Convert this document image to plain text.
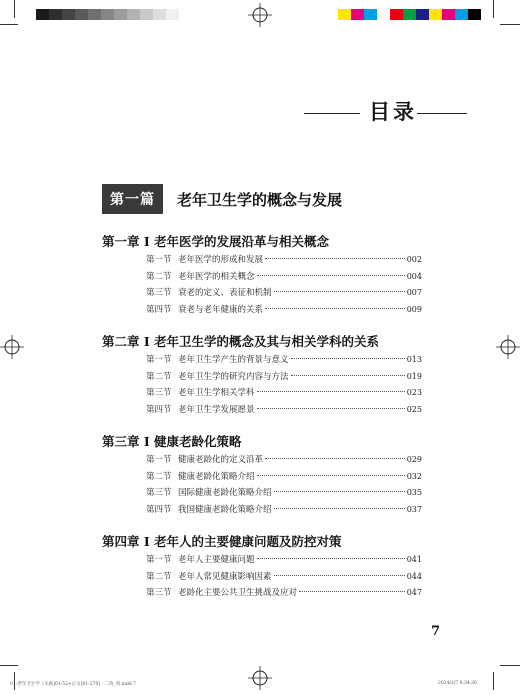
目录
第一篇	老年卫生学的概念与发展
第一章 I 老年医学的发展沿革与相关概念
第一节 老年医学的形成和发展	002
第二节 老年医学的相关概念	004
第三节 衰老的定义、表征和机制	007
第四节 衰老与老年健康的关系	009
第二章 I 老年卫生学的概念及其与相关学科的关系
第一节 老年卫生学产生的背景与意义	013
第二节 老年卫生学的研究内容与方法	019
第三节 老年卫生学相关学科	023
第四节 老年卫生学发展愿景	025
第三章 I 健康老龄化策略
第一节 健康老龄化的定义沿革	029
第二节 健康老龄化策略介绍	032
第三节 国际健康老龄化策略介绍	035
第四节 我国健康老龄化策略介绍	037
第四章 I 老年人的主要健康问题及防控对策
第一节 老年人主要健康问题	041
第二节 老年人常见健康影响因素	044
第三节 老龄化主要公共卫生挑战及应对	047
7
01-老年卫生学《关联]01-52+正文]01-270] - 二改_英.indd 7	2024/2/7 8:34:30
